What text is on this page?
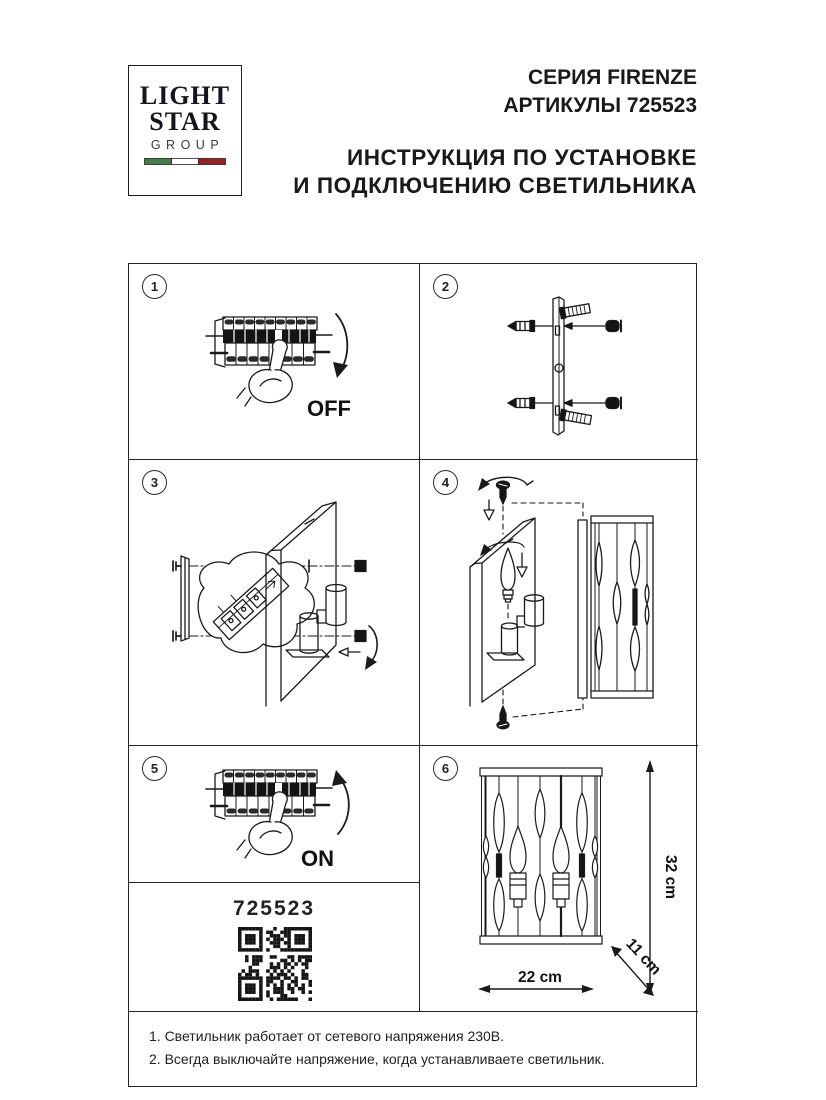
LIGHT
STAR
GROUP
СЕРИЯ FIRENZE
АРТИКУЛЫ 725523
ИНСТРУКЦИЯ ПО УСТАНОВКЕ
И ПОДКЛЮЧЕНИЮ СВЕТИЛЬНИКА
1
OFF
2
3	4
5
ON
725523
6
32 cm
22 cm	11 cm
1. Светильник работает от сетевого напряжения 230В.
2. Всегда выключайте напряжение, когда устанавливаете светильник.
